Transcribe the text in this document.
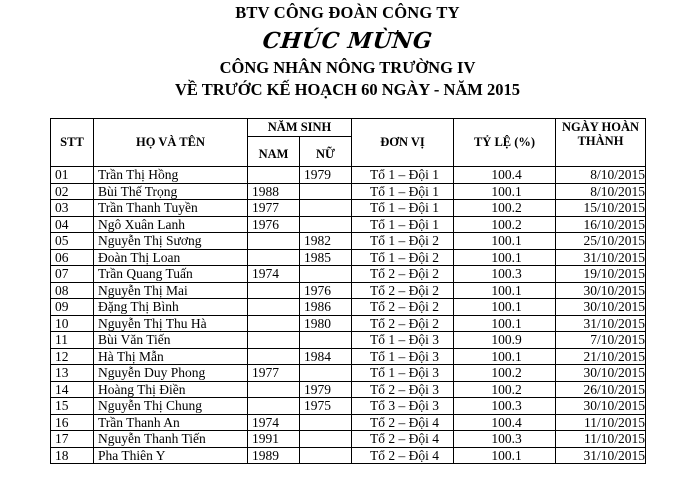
BTV CÔNG ĐOÀN CÔNG TY
CHÚC MỪNG
CÔNG NHÂN NÔNG TRƯỜNG IV
VỀ TRƯỚC KẾ HOẠCH 60 NGÀY - NĂM 2015
STT	HỌ VÀ TÊN	NĂM SINH		ĐƠN VỊ	TỶ LỆ (%)	NGÀY HOÀN THÀNH
		NAM	NỮ			
01	Trần Thị Hồng		1979	Tổ 1 – Đội 1	100.4	8/10/2015
02	Bùi Thế Trọng	1988		Tổ 1 – Đội 1	100.1	8/10/2015
03	Trần Thanh Tuyền	1977		Tổ 1 – Đội 1	100.2	15/10/2015
04	Ngô Xuân Lanh	1976		Tổ 1 – Đội 1	100.2	16/10/2015
05	Nguyễn Thị Sương		1982	Tổ 1 – Đội 2	100.1	25/10/2015
06	Đoàn Thị Loan		1985	Tổ 1 – Đội 2	100.1	31/10/2015
07	Trần Quang Tuấn	1974		Tổ 2 – Đội 2	100.3	19/10/2015
08	Nguyễn Thị Mai		1976	Tổ 2 – Đội 2	100.1	30/10/2015
09	Đặng Thị Bình		1986	Tổ 2 – Đội 2	100.1	30/10/2015
10	Nguyễn Thị Thu Hà		1980	Tổ 2 – Đội 2	100.1	31/10/2015
11	Bùi Văn Tiến			Tổ 1 – Đội 3	100.9	7/10/2015
12	Hà Thị Mẫn		1984	Tổ 1 – Đội 3	100.1	21/10/2015
13	Nguyễn Duy Phong	1977		Tổ 1 – Đội 3	100.2	30/10/2015
14	Hoàng Thị Điền		1979	Tổ 2 – Đội 3	100.2	26/10/2015
15	Nguyễn Thị Chung		1975	Tổ 3 – Đội 3	100.3	30/10/2015
16	Trần Thanh An	1974		Tổ 2 – Đội 4	100.4	11/10/2015
17	Nguyễn Thanh Tiến	1991		Tổ 2 – Đội 4	100.3	11/10/2015
18	Pha Thiên Y	1989		Tổ 2 – Đội 4	100.1	31/10/2015
